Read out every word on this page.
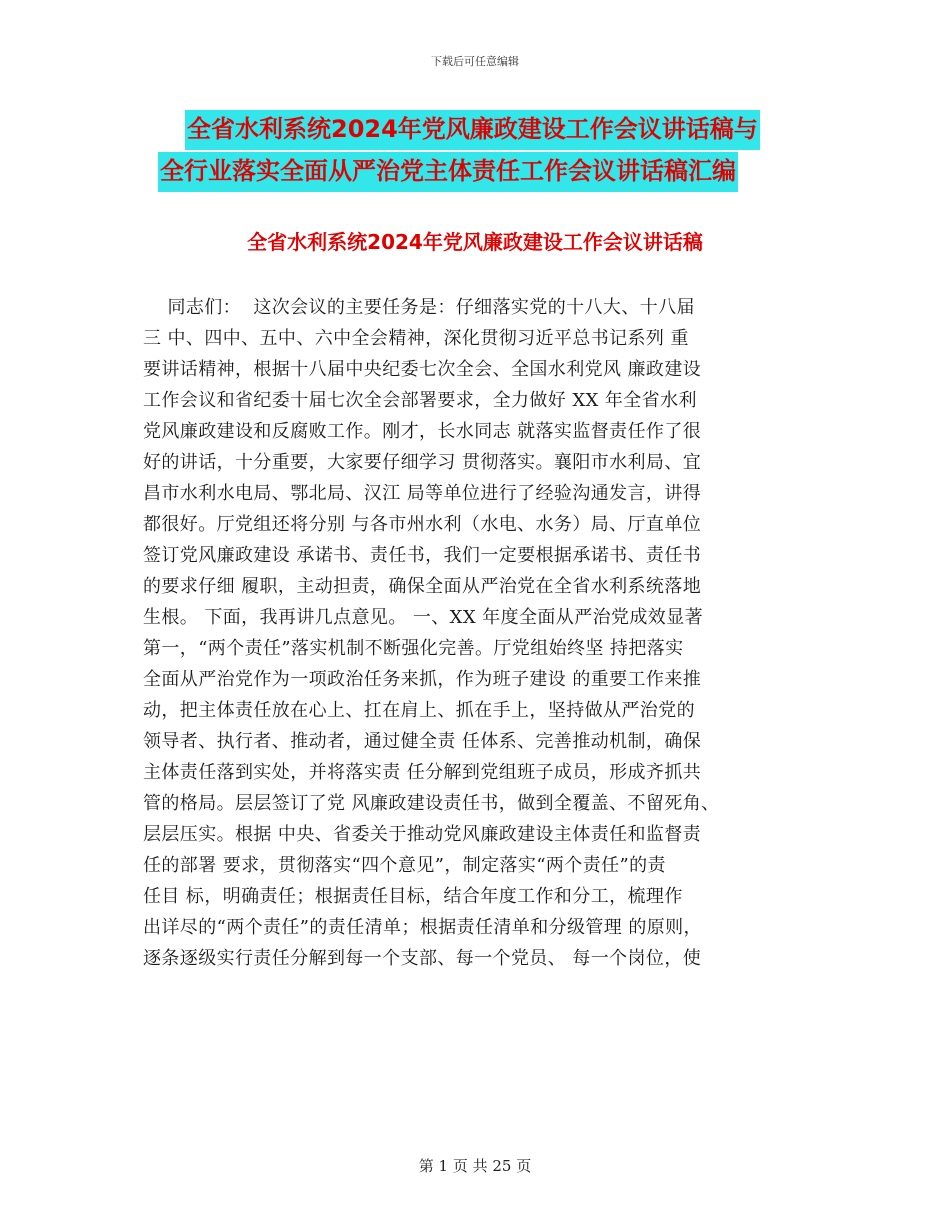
下载后可任意编辑
全省水利系统2024年党风廉政建设工作会议讲话稿与
全行业落实全面从严治党主体责任工作会议讲话稿汇编
全省水利系统2024年党风廉政建设工作会议讲话稿
同志们：  这次会议的主要任务是：仔细落实党的十八大、十八届
三 中、四中、五中、六中全会精神，深化贯彻习近平总书记系列 重
要讲话精神，根据十八届中央纪委七次全会、全国水利党风 廉政建设
工作会议和省纪委十届七次全会部署要求，全力做好 XX 年全省水利
党风廉政建设和反腐败工作。刚才，长水同志 就落实监督责任作了很
好的讲话，十分重要，大家要仔细学习 贯彻落实。襄阳市水利局、宜
昌市水利水电局、鄂北局、汉江 局等单位进行了经验沟通发言，讲得
都很好。厅党组还将分别 与各市州水利（水电、水务）局、厅直单位
签订党风廉政建设 承诺书、责任书，我们一定要根据承诺书、责任书
的要求仔细 履职，主动担责，确保全面从严治党在全省水利系统落地
生根。 下面，我再讲几点意见。 一、XX 年度全面从严治党成效显著
第一，“两个责任”落实机制不断强化完善。厅党组始终坚 持把落实
全面从严治党作为一项政治任务来抓，作为班子建设 的重要工作来推
动，把主体责任放在心上、扛在肩上、抓在手上，坚持做从严治党的
领导者、执行者、推动者，通过健全责 任体系、完善推动机制，确保
主体责任落到实处，并将落实责 任分解到党组班子成员，形成齐抓共
管的格局。层层签订了党 风廉政建设责任书，做到全覆盖、不留死角、
层层压实。根据 中央、省委关于推动党风廉政建设主体责任和监督责
任的部署 要求，贯彻落实“四个意见”，制定落实“两个责任”的责
任目 标，明确责任；根据责任目标，结合年度工作和分工，梳理作
出详尽的“两个责任”的责任清单；根据责任清单和分级管理 的原则，
逐条逐级实行责任分解到每一个支部、每一个党员、 每一个岗位，使
第 1 页 共 25 页
